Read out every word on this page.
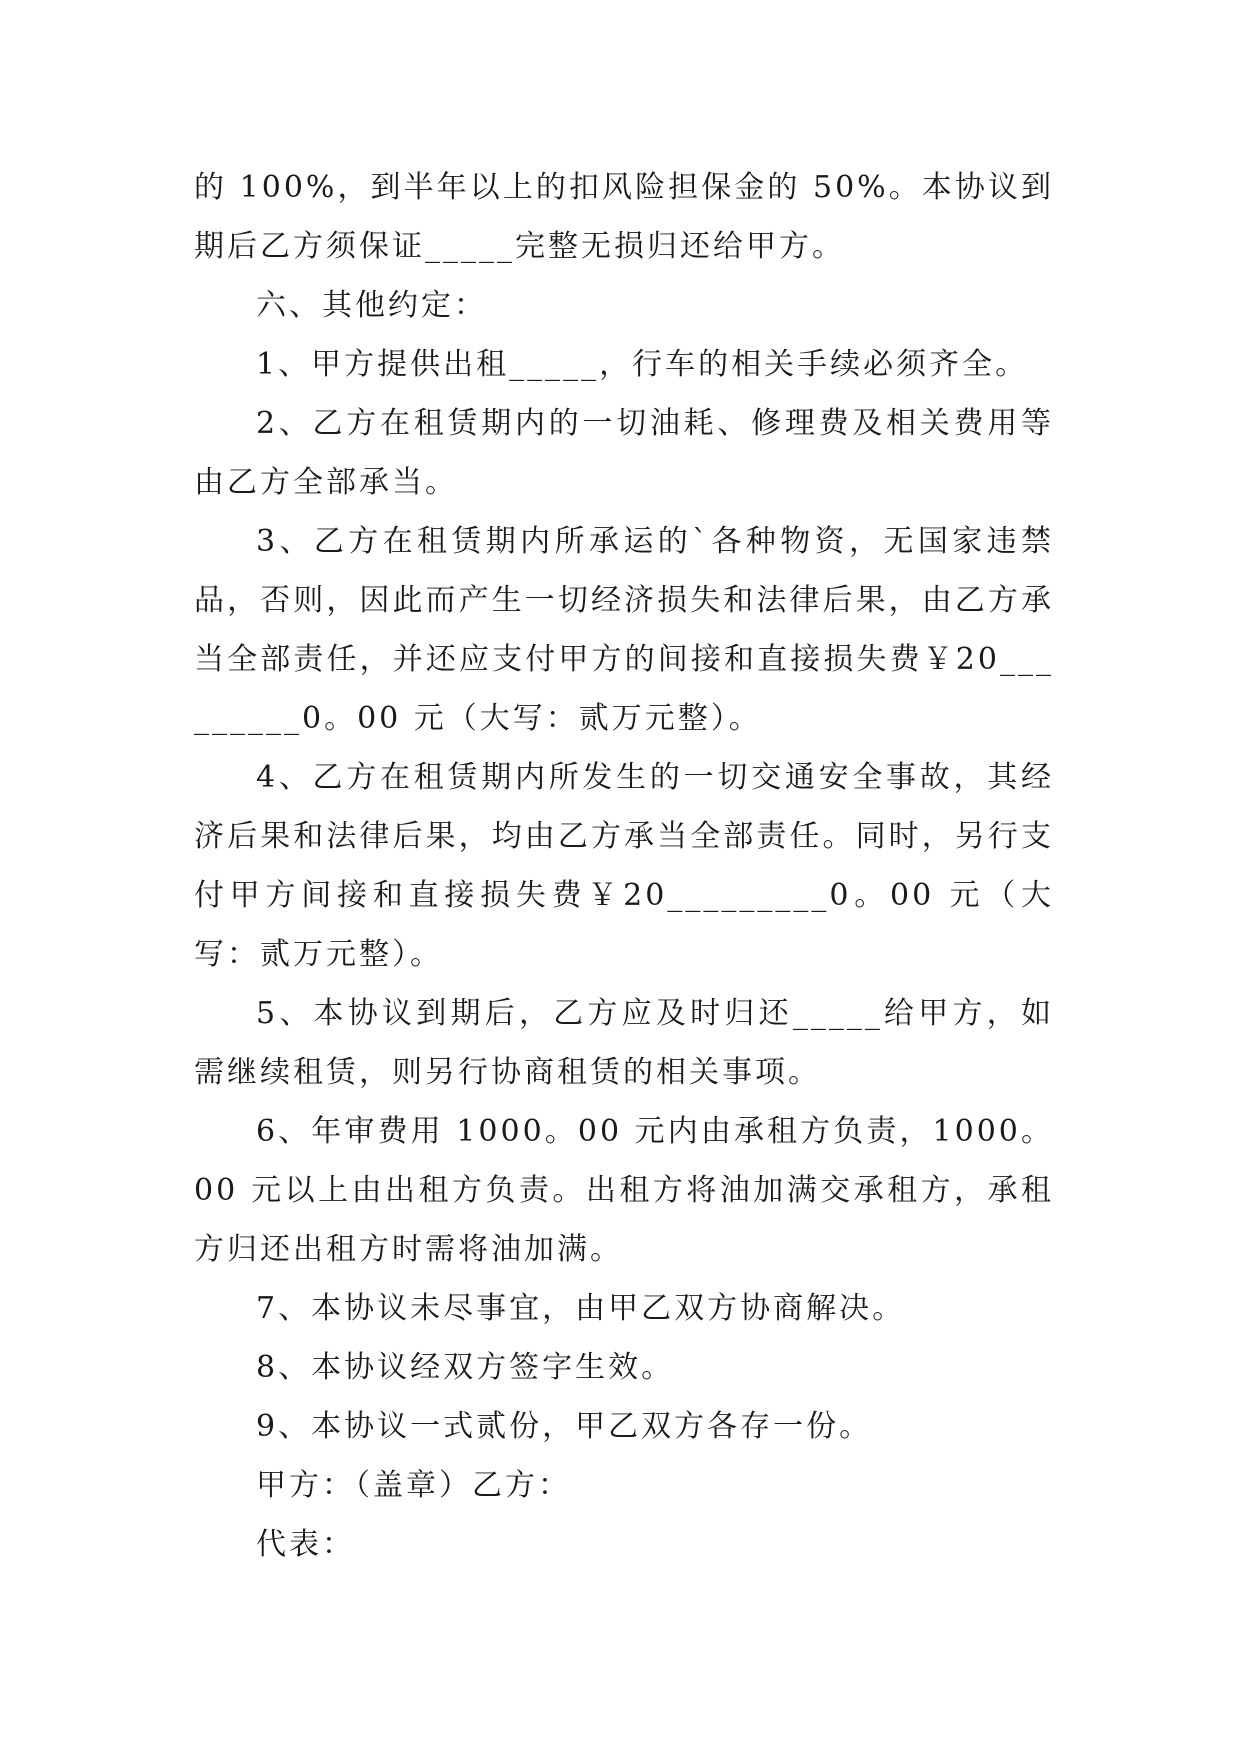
的 100%，到半年以上的扣风险担保金的 50%。本协议到期后乙方须保证_____完整无损归还给甲方。

六、其他约定：

1、甲方提供出租_____，行车的相关手续必须齐全。

2、乙方在租赁期内的一切油耗、修理费及相关费用等由乙方全部承当。

3、乙方在租赁期内所承运的`各种物资，无国家违禁品，否则，因此而产生一切经济损失和法律后果，由乙方承当全部责任，并还应支付甲方的间接和直接损失费￥20_________0。00 元（大写：贰万元整）。

4、乙方在租赁期内所发生的一切交通安全事故，其经济后果和法律后果，均由乙方承当全部责任。同时，另行支付甲方间接和直接损失费￥20_________0。00 元（大写：贰万元整）。

5、本协议到期后，乙方应及时归还_____给甲方，如需继续租赁，则另行协商租赁的相关事项。

6、年审费用 1000。00 元内由承租方负责，1000。00 元以上由出租方负责。出租方将油加满交承租方，承租方归还出租方时需将油加满。

7、本协议未尽事宜，由甲乙双方协商解决。

8、本协议经双方签字生效。

9、本协议一式贰份，甲乙双方各存一份。

甲方：（盖章）乙方：

代表：
